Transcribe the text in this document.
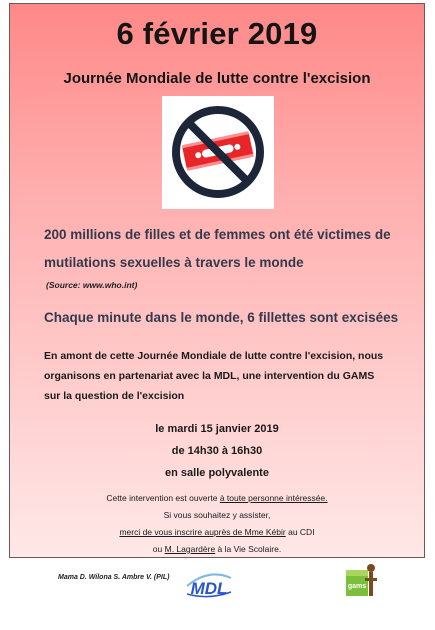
6 février 2019
Journée Mondiale de lutte contre l'excision
200 millions de filles et de femmes ont été victimes de
mutilations sexuelles à travers le monde
(Source: www.who.int)
Chaque minute dans le monde, 6 fillettes sont excisées
En amont de cette Journée Mondiale de lutte contre l'excision, nous
organisons en partenariat avec la MDL, une intervention du GAMS
sur la question de l'excision
le mardi 15 janvier 2019
de 14h30 à 16h30
en salle polyvalente
Cette intervention est ouverte à toute personne intéressée.
Si vous souhaitez y assister,
merci de vous inscrire auprès de Mme Kébir au CDI
ou M. Lagardère à la Vie Scolaire.
Mama D. Wilona S. Ambre V. (PIL)
MDL	gams
